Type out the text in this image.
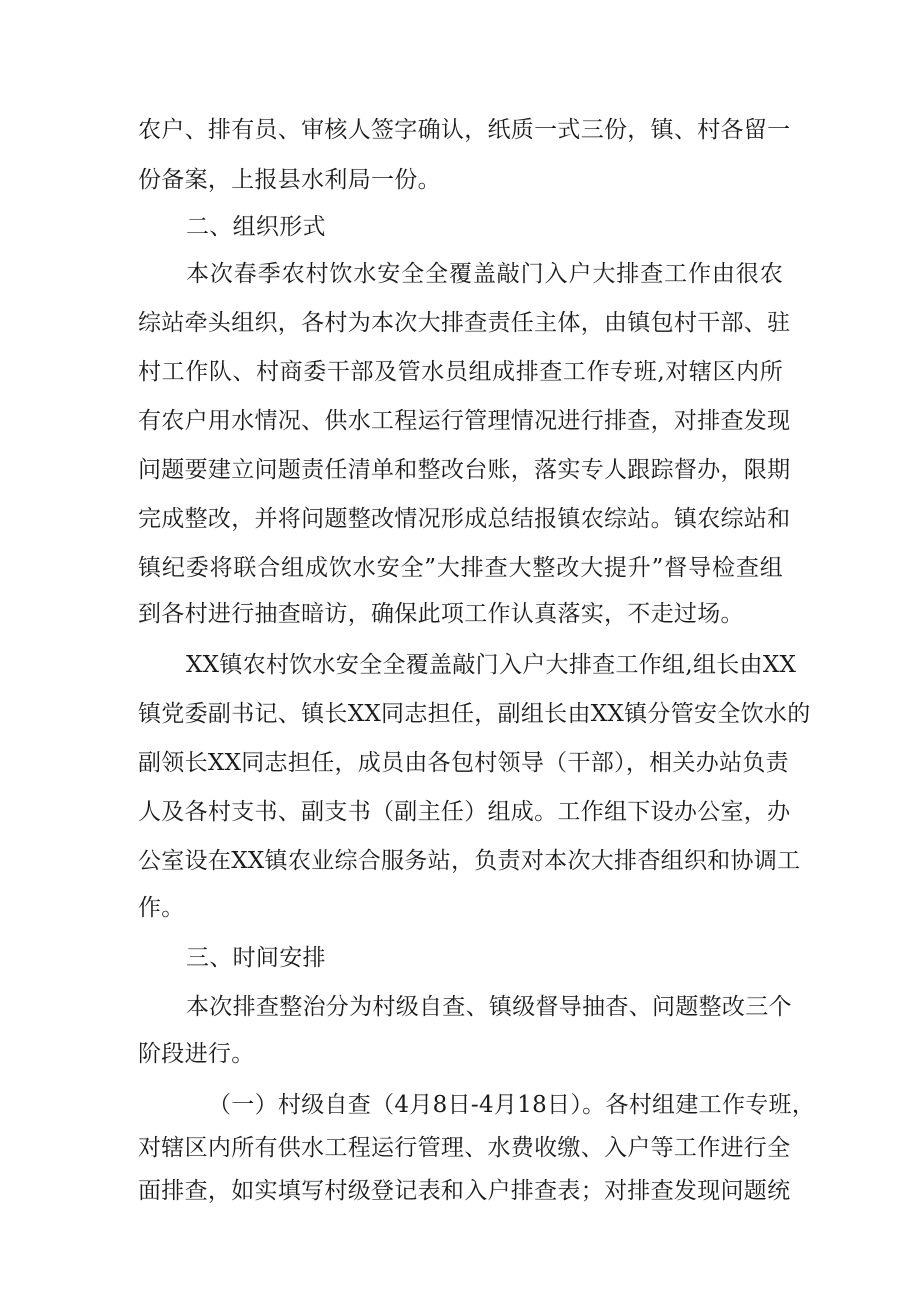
农户、排有员、审核人签字确认，纸质一式三份，镇、村各留一
份备案，上报县水利局一份。
二、组织形式
本次春季农村饮水安全全覆盖敲门入户大排查工作由很农
综站牵头组织，各村为本次大排查责任主体，由镇包村干部、驻
村工作队、村商委干部及管水员组成排查工作专班,对辖区内所
有农户用水情况、供水工程运行管理情况进行排查，对排查发现
问题要建立问题责任清单和整改台账，落实专人跟踪督办，限期
完成整改，并将问题整改情况形成总结报镇农综站。镇农综站和
镇纪委将联合组成饮水安全”大排查大整改大提升”督导检查组
到各村进行抽查暗访，确保此项工作认真落实，不走过场。
XX镇农村饮水安全全覆盖敲门入户大排查工作组,组长由XX
镇党委副书记、镇长XX同志担任，副组长由XX镇分管安全饮水的
副领长XX同志担任，成员由各包村领导（干部），相关办站负责
人及各村支书、副支书（副主任）组成。工作组下设办公室，办
公室设在XX镇农业综合服务站，负责对本次大排杳组织和协调工
作。
三、时间安排
本次排查整治分为村级自查、镇级督导抽杳、问题整改三个
阶段进行。
（一）村级自查（4月8日-4月18日）。各村组建工作专班，
对辖区内所有供水工程运行管理、水费收缴、入户等工作进行全
面排查，如实填写村级登记表和入户排查表；对排查发现问题统
